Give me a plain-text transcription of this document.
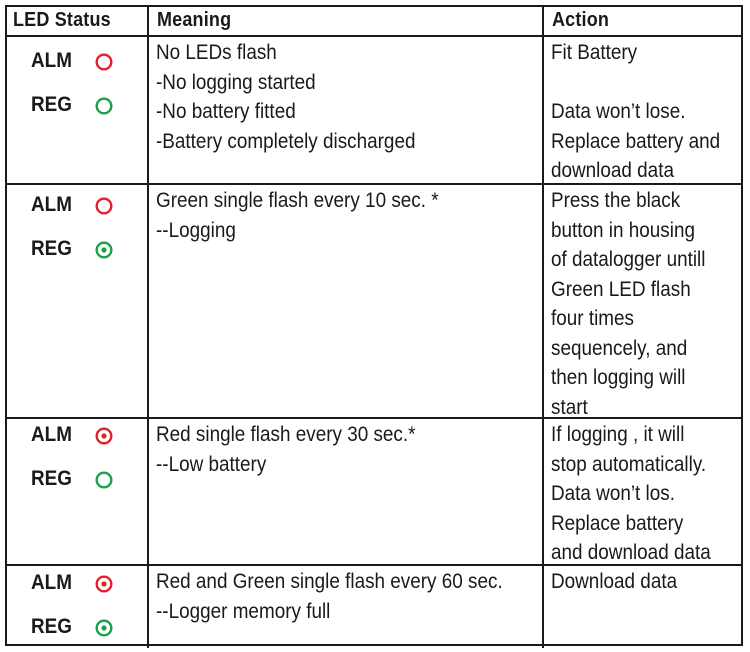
LED Status Meaning	Action
ALM
REG
No LEDs flash
-No logging started
-No battery fitted
-Battery completely discharged
Fit Battery
Data won’t lose.
Replace battery and
download data
ALM
REG
Green single flash every 10 sec. *
--Logging
Press the black
button in housing
of datalogger untill
Green LED flash
four times
sequencely, and
then logging will
start
ALM
REG
Red single flash every 30 sec.*
--Low battery
If logging , it will
stop automatically.
Data won’t los.
Replace battery
and download data
ALM
REG
Red and Green single flash every 60 sec.
--Logger memory full
Download data
